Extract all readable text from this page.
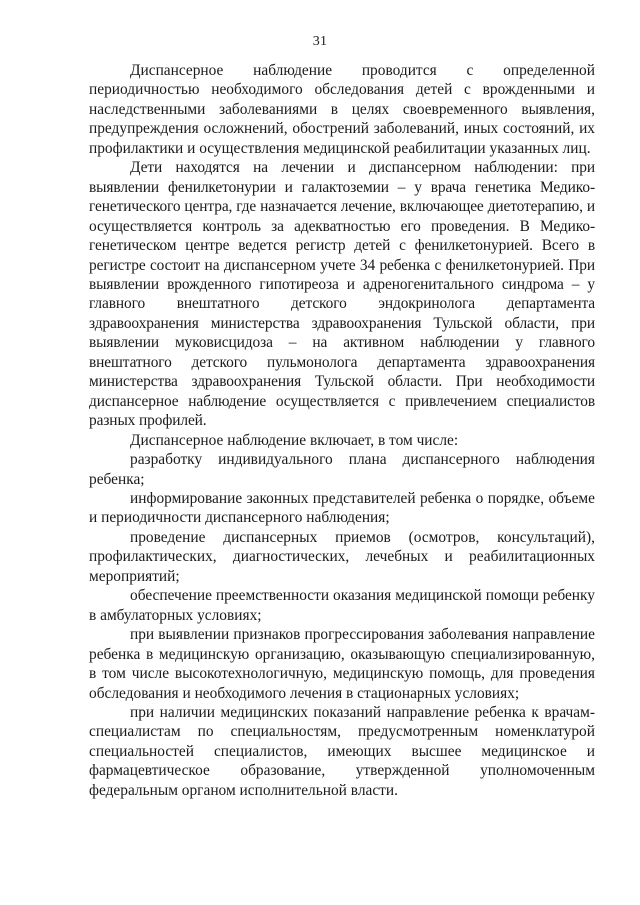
31

Диспансерное наблюдение проводится с определенной периодичностью необходимого обследования детей с врожденными и наследственными заболеваниями в целях своевременного выявления, предупреждения осложнений, обострений заболеваний, иных состояний, их профилактики и осуществления медицинской реабилитации указанных лиц.

Дети находятся на лечении и диспансерном наблюдении: при выявлении фенилкетонурии и галактоземии – у врача генетика Медико-генетического центра, где назначается лечение, включающее диетотерапию, и осуществляется контроль за адекватностью его проведения. В Медико-генетическом центре ведется регистр детей с фенилкетонурией. Всего в регистре состоит на диспансерном учете 34 ребенка с фенилкетонурией. При выявлении врожденного гипотиреоза и адреногенитального синдрома – у главного внештатного детского эндокринолога департамента здравоохранения министерства здравоохранения Тульской области, при выявлении муковисцидоза – на активном наблюдении у главного внештатного детского пульмонолога департамента здравоохранения министерства здравоохранения Тульской области. При необходимости диспансерное наблюдение осуществляется с привлечением специалистов разных профилей.

Диспансерное наблюдение включает, в том числе:

разработку индивидуального плана диспансерного наблюдения ребенка;

информирование законных представителей ребенка о порядке, объеме и периодичности диспансерного наблюдения;

проведение диспансерных приемов (осмотров, консультаций), профилактических, диагностических, лечебных и реабилитационных мероприятий;

обеспечение преемственности оказания медицинской помощи ребенку в амбулаторных условиях;

при выявлении признаков прогрессирования заболевания направление ребенка в медицинскую организацию, оказывающую специализированную, в том числе высокотехнологичную, медицинскую помощь, для проведения обследования и необходимого лечения в стационарных условиях;

при наличии медицинских показаний направление ребенка к врачам-специалистам по специальностям, предусмотренным номенклатурой специальностей специалистов, имеющих высшее медицинское и фармацевтическое образование, утвержденной уполномоченным федеральным органом исполнительной власти.
